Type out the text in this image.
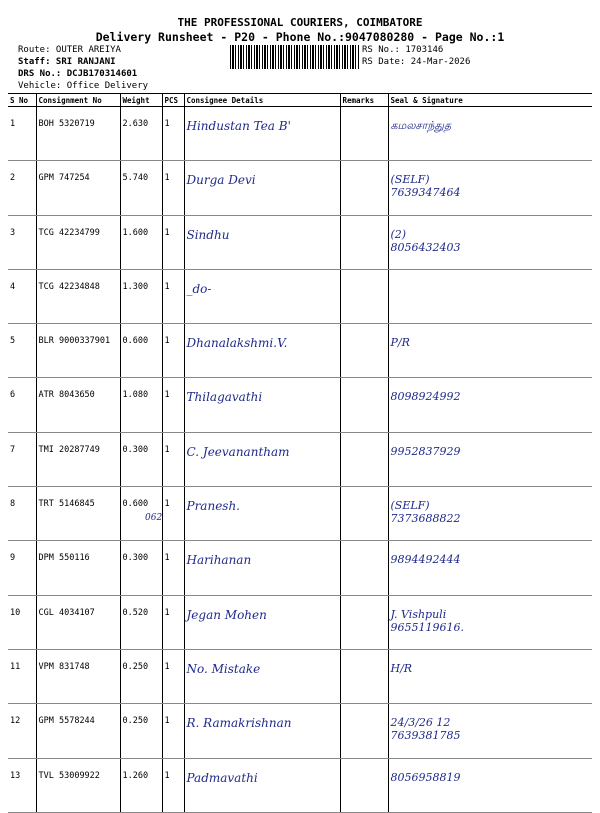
THE PROFESSIONAL COURIERS, COIMBATORE
Delivery Runsheet - P20 - Phone No.:9047080280 - Page No.:1
Route: OUTER AREIYA
Staff: SRI RANJANI
DRS No.: DCJB170314601
Vehicle: Office Delivery
RS No.: 1703146
RS Date: 24-Mar-2026
S No	Consignment No	Weight	PCS	Consignee Details	Remarks	Seal & Signature
1	BOH 5320719	2.630	1	Hindustan Tea B'		கமலசாந்துத

2	GPM 747254	5.740	1	Durga Devi		(SELF)
7639347464

3	TCG 42234799	1.600	1	Sindhu		(2)
8056432403

4	TCG 42234848	1.300	1	_do-		
5	BLR 9000337901	0.600	1	Dhanalakshmi.V.		P/R

6	ATR 8043650	1.080	1	Thilagavathi		8098924992

7	TMI 20287749	0.300	1	C. Jeevanantham		9952837929

8	TRT 5146845	0.600	1	Pranesh.		(SELF)
7373688822

9	DPM 550116	0.300	1	Harihanan		9894492444

10	CGL 4034107	0.520	1	Jegan Mohen		J. Vishpuli
9655119616.

11	VPM 831748	0.250	1	No. Mistake		H/R

12	GPM 5578244	0.250	1	R. Ramakrishnan		24/3/26 12
7639381785

13	TVL 53009922	1.260	1	Padmavathi		8056958819
062
